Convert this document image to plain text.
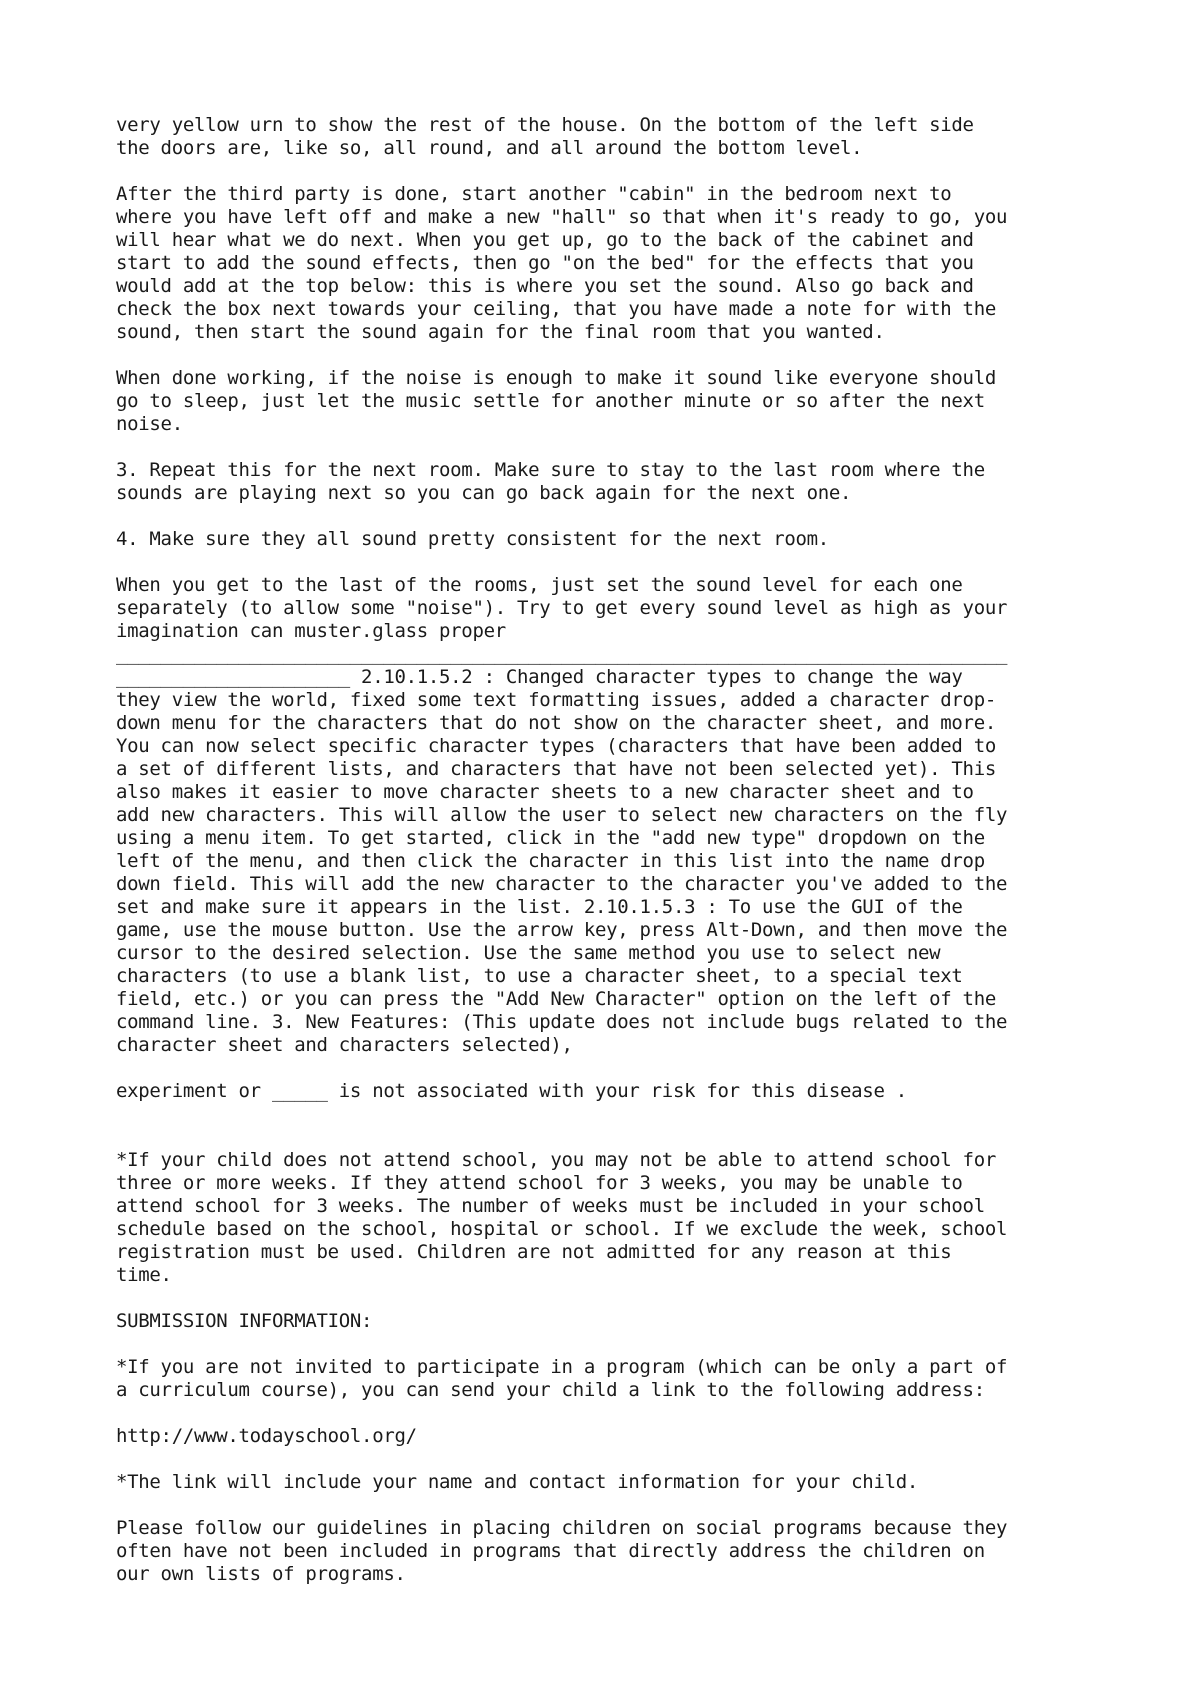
very yellow urn to show the rest of the house. On the bottom of the left side
the doors are, like so, all round, and all around the bottom level.

After the third party is done, start another "cabin" in the bedroom next to
where you have left off and make a new "hall" so that when it's ready to go, you
will hear what we do next. When you get up, go to the back of the cabinet and
start to add the sound effects, then go "on the bed" for the effects that you
would add at the top below: this is where you set the sound. Also go back and
check the box next towards your ceiling, that you have made a note for with the
sound, then start the sound again for the final room that you wanted.

When done working, if the noise is enough to make it sound like everyone should
go to sleep, just let the music settle for another minute or so after the next
noise.

3. Repeat this for the next room. Make sure to stay to the last room where the
sounds are playing next so you can go back again for the next one.

4. Make sure they all sound pretty consistent for the next room.

When you get to the last of the rooms, just set the sound level for each one
separately (to allow some "noise"). Try to get every sound level as high as your
imagination can muster.glass proper
________________________________________________________________________________
_____________________ 2.10.1.5.2 : Changed character types to change the way
they view the world, fixed some text formatting issues, added a character drop-
down menu for the characters that do not show on the character sheet, and more.
You can now select specific character types (characters that have been added to
a set of different lists, and characters that have not been selected yet). This
also makes it easier to move character sheets to a new character sheet and to
add new characters. This will allow the user to select new characters on the fly
using a menu item. To get started, click in the "add new type" dropdown on the
left of the menu, and then click the character in this list into the name drop
down field. This will add the new character to the character you've added to the
set and make sure it appears in the list. 2.10.1.5.3 : To use the GUI of the
game, use the mouse button. Use the arrow key, press Alt-Down, and then move the
cursor to the desired selection. Use the same method you use to select new
characters (to use a blank list, to use a character sheet, to a special text
field, etc.) or you can press the "Add New Character" option on the left of the
command line. 3. New Features: (This update does not include bugs related to the
character sheet and characters selected),

experiment or _____ is not associated with your risk for this disease .

*If your child does not attend school, you may not be able to attend school for
three or more weeks. If they attend school for 3 weeks, you may be unable to
attend school for 3 weeks. The number of weeks must be included in your school
schedule based on the school, hospital or school. If we exclude the week, school
registration must be used. Children are not admitted for any reason at this
time.

SUBMISSION INFORMATION:

*If you are not invited to participate in a program (which can be only a part of
a curriculum course), you can send your child a link to the following address:

http://www.todayschool.org/

*The link will include your name and contact information for your child.

Please follow our guidelines in placing children on social programs because they
often have not been included in programs that directly address the children on
our own lists of programs.
